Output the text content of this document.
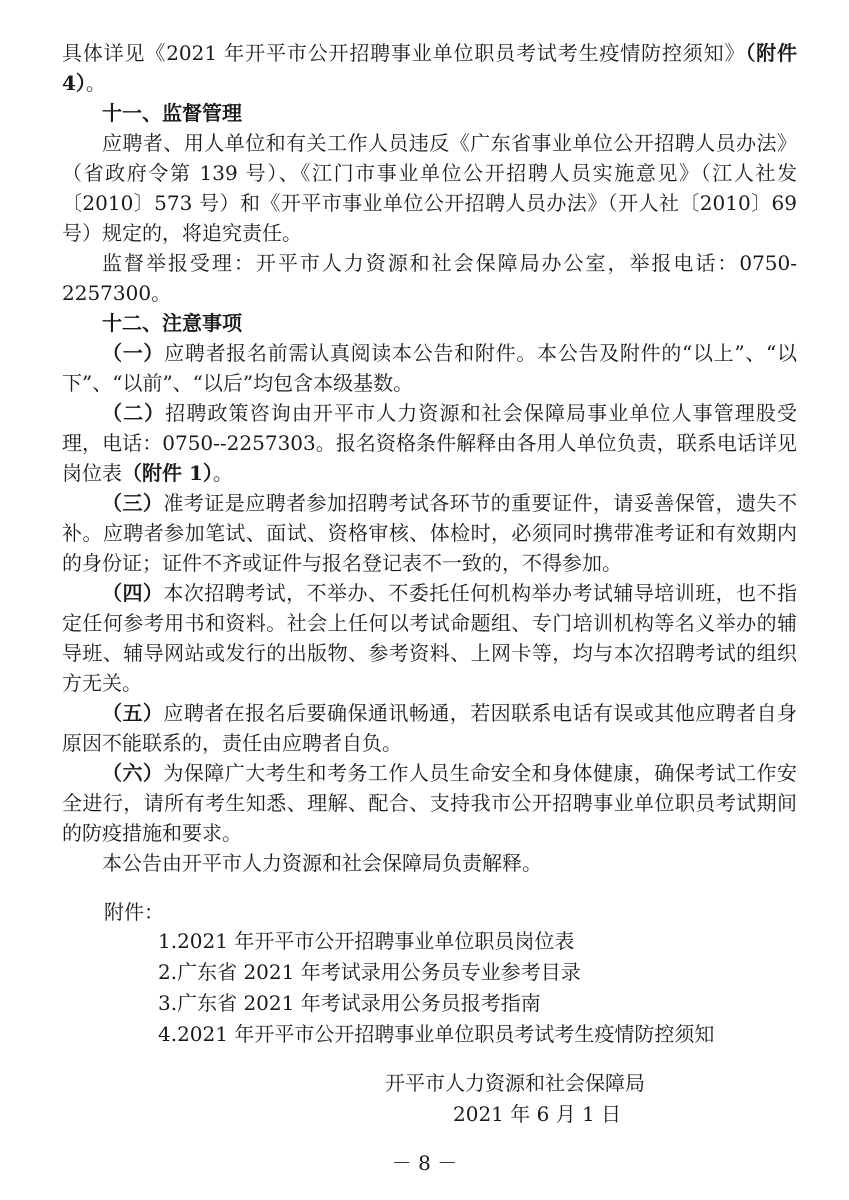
具体详见《2021 年开平市公开招聘事业单位职员考试考生疫情防控须知》（附件 4）。

十一、监督管理

应聘者、用人单位和有关工作人员违反《广东省事业单位公开招聘人员办法》（省政府令第 139 号）、《江门市事业单位公开招聘人员实施意见》（江人社发〔2010〕573 号）和《开平市事业单位公开招聘人员办法》（开人社〔2010〕69 号）规定的，将追究责任。

监督举报受理：开平市人力资源和社会保障局办公室，举报电话：0750-2257300。

十二、注意事项

（一）应聘者报名前需认真阅读本公告和附件。本公告及附件的“以上”、“以下”、“以前”、“以后”均包含本级基数。

（二）招聘政策咨询由开平市人力资源和社会保障局事业单位人事管理股受理，电话：0750--2257303。报名资格条件解释由各用人单位负责，联系电话详见岗位表（附件 1）。

（三）准考证是应聘者参加招聘考试各环节的重要证件，请妥善保管，遗失不补。应聘者参加笔试、面试、资格审核、体检时，必须同时携带准考证和有效期内的身份证；证件不齐或证件与报名登记表不一致的，不得参加。

（四）本次招聘考试，不举办、不委托任何机构举办考试辅导培训班，也不指定任何参考用书和资料。社会上任何以考试命题组、专门培训机构等名义举办的辅导班、辅导网站或发行的出版物、参考资料、上网卡等，均与本次招聘考试的组织方无关。

（五）应聘者在报名后要确保通讯畅通，若因联系电话有误或其他应聘者自身原因不能联系的，责任由应聘者自负。

（六）为保障广大考生和考务工作人员生命安全和身体健康，确保考试工作安全进行，请所有考生知悉、理解、配合、支持我市公开招聘事业单位职员考试期间的防疫措施和要求。

本公告由开平市人力资源和社会保障局负责解释。

附件：
1.2021 年开平市公开招聘事业单位职员岗位表
2.广东省 2021 年考试录用公务员专业参考目录
3.广东省 2021 年考试录用公务员报考指南
4.2021 年开平市公开招聘事业单位职员考试考生疫情防控须知
开平市人力资源和社会保障局
2021 年 6 月 1 日
－ 8 －
